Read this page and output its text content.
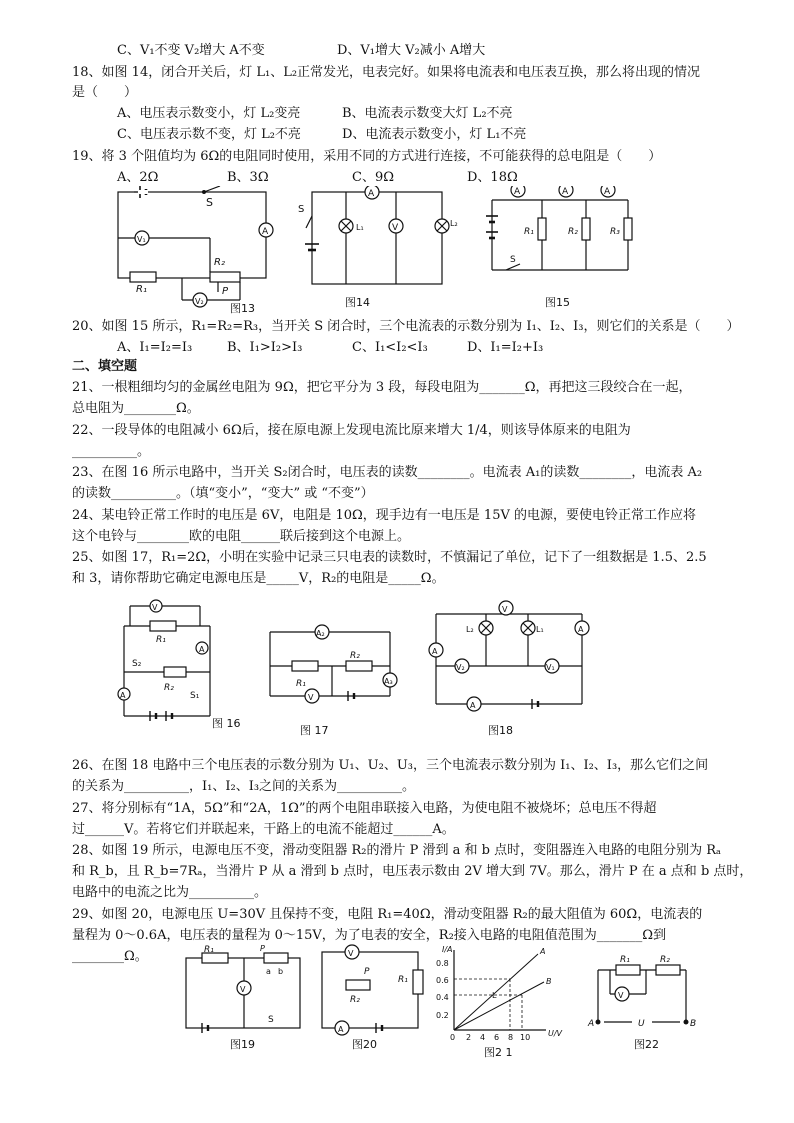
C、V₁不变 V₂增大 A不变	D、V₁增大 V₂减小 A增大
18、如图 14，闭合开关后，灯 L₁、L₂正常发光，电表完好。如果将电流表和电压表互换，那么将出现的情况
是（　　）
A、电压表示数变小，灯 L₂变亮	B、电流表示数变大灯 L₂不亮
C、电压表示数不变，灯 L₂不亮	D、电流表示数变小，灯 L₁不亮
19、将 3 个阻值均为 6Ω的电阻同时使用，采用不同的方式进行连接，不可能获得的总电阻是（　　）
A、2Ω	B、3Ω	C、9Ω	D、18Ω
S
A
V₁
R₁
R₂
P
V₂
A
S
L₁	V	L₂
A	A	A
R₁	R₂	R₃
S
图13	图14	图15
20、如图 15 所示，R₁=R₂=R₃，当开关 S 闭合时，三个电流表的示数分别为 I₁、I₂、I₃，则它们的关系是（　　）
A、I₁=I₂=I₃	B、I₁>I₂>I₃	C、I₁<I₂<I₃	D、I₁=I₂+I₃
二、填空题
21、一根粗细均匀的金属丝电阻为 9Ω，把它平分为 3 段，每段电阻为_______Ω，再把这三段绞合在一起，
总电阻为________Ω。
22、一段导体的电阻减小 6Ω后，接在原电源上发现电流比原来增大 1/4，则该导体原来的电阻为
__________。
23、在图 16 所示电路中，当开关 S₂闭合时，电压表的读数________。电流表 A₁的读数________，电流表 A₂
的读数__________。（填“变小”，“变大” 或 “不变”）
24、某电铃正常工作时的电压是 6V，电阻是 10Ω，现手边有一电压是 15V 的电源，要使电铃正常工作应将
这个电铃与________欧的电阻______联后接到这个电源上。
25、如图 17，R₁=2Ω，小明在实验中记录三只电表的读数时，不慎漏记了单位，记下了一组数据是 1.5、2.5
和 3，请你帮助它确定电源电压是_____V，R₂的电阻是_____Ω。
V
R₁
A
S₂
R₂
S₁
A
A₂
R₁
R₂
V
A₃
V
L₂	L₁
V₂	V₁
A
A
A
图 16
图 17	图18
26、在图 18 电路中三个电压表的示数分别为 U₁、U₂、U₃，三个电流表示数分别为 I₁、I₂、I₃，那么它们之间
的关系为__________，I₁、I₂、I₃之间的关系为__________。
27、将分别标有“1A，5Ω”和“2A，1Ω”的两个电阻串联接入电路，为使电阻不被烧坏；总电压不得超
过______V。若将它们并联起来，干路上的电流不能超过______A。
28、如图 19 所示，电源电压不变，滑动变阻器 R₂的滑片 P 滑到 a 和 b 点时，变阻器连入电路的电阻分别为 Rₐ
和 R_b，且 R_b=7Rₐ，当滑片 P 从 a 滑到 b 点时，电压表示数由 2V 增大到 7V。那么，滑片 P 在 a 点和 b 点时，
电路中的电流之比为__________。
29、如图 20，电源电压 U=30V 且保持不变，电阻 R₁=40Ω，滑动变阻器 R₂的最大阻值为 60Ω，电流表的
量程为 0～0.6A，电压表的量程为 0～15V，为了电表的安全，R₂接入电路的电阻值范围为_______Ω到
________Ω。	R₁
a b
P
V
S
V
R₂
P
R₁
A
I/A
U/V
A
B
L
0.2
0.4
0.6
0.8
0 2 4 6 8 10
R₁	R₂
V
A	B
U
图19	图20
图2 1
图22
